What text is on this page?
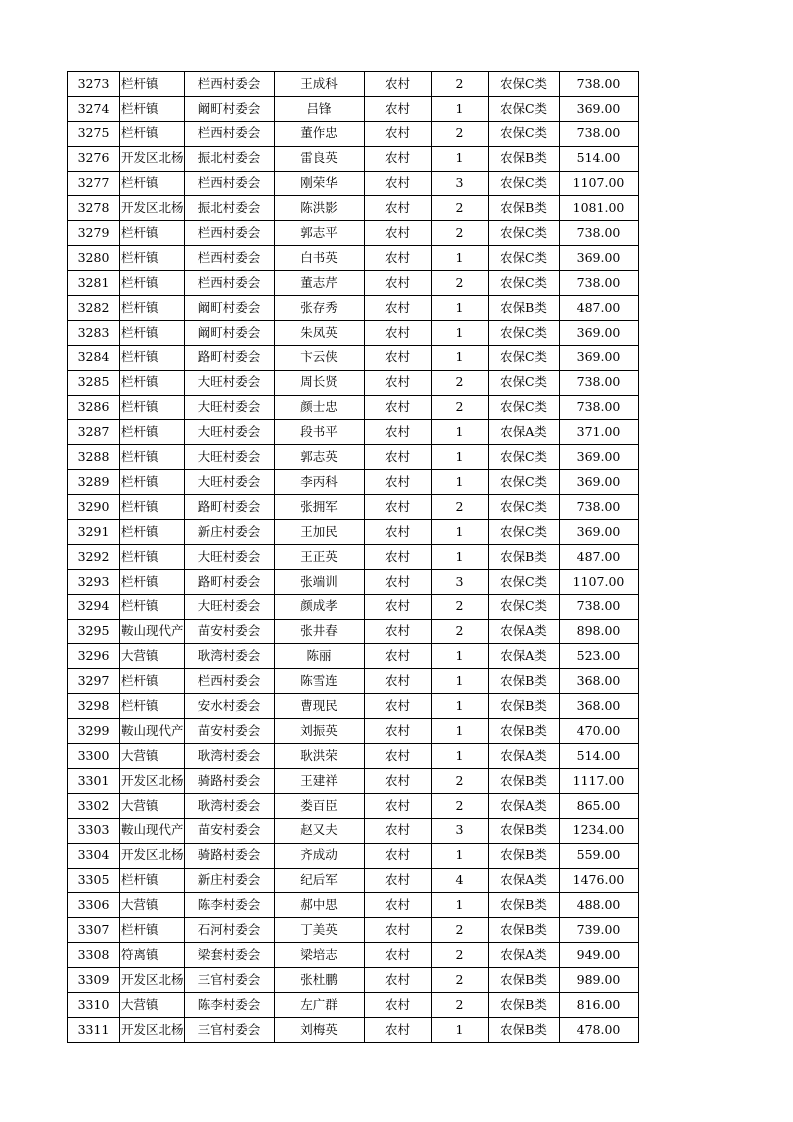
3273	栏杆镇	栏西村委会	王成科	农村	2	农保C类	738.00
3274	栏杆镇	阚町村委会	吕锋	农村	1	农保C类	369.00
3275	栏杆镇	栏西村委会	董作忠	农村	2	农保C类	738.00
3276	开发区北杨	振北村委会	雷良英	农村	1	农保B类	514.00
3277	栏杆镇	栏西村委会	刚荣华	农村	3	农保C类	1107.00
3278	开发区北杨	振北村委会	陈洪影	农村	2	农保B类	1081.00
3279	栏杆镇	栏西村委会	郭志平	农村	2	农保C类	738.00
3280	栏杆镇	栏西村委会	白书英	农村	1	农保C类	369.00
3281	栏杆镇	栏西村委会	董志芹	农村	2	农保C类	738.00
3282	栏杆镇	阚町村委会	张存秀	农村	1	农保B类	487.00
3283	栏杆镇	阚町村委会	朱凤英	农村	1	农保C类	369.00
3284	栏杆镇	路町村委会	卞云侠	农村	1	农保C类	369.00
3285	栏杆镇	大旺村委会	周长贤	农村	2	农保C类	738.00
3286	栏杆镇	大旺村委会	颜士忠	农村	2	农保C类	738.00
3287	栏杆镇	大旺村委会	段书平	农村	1	农保A类	371.00
3288	栏杆镇	大旺村委会	郭志英	农村	1	农保C类	369.00
3289	栏杆镇	大旺村委会	李丙科	农村	1	农保C类	369.00
3290	栏杆镇	路町村委会	张拥军	农村	2	农保C类	738.00
3291	栏杆镇	新庄村委会	王加民	农村	1	农保C类	369.00
3292	栏杆镇	大旺村委会	王正英	农村	1	农保B类	487.00
3293	栏杆镇	路町村委会	张端训	农村	3	农保C类	1107.00
3294	栏杆镇	大旺村委会	颜成孝	农村	2	农保C类	738.00
3295	鞍山现代产	苗安村委会	张井春	农村	2	农保A类	898.00
3296	大营镇	耿湾村委会	陈丽	农村	1	农保A类	523.00
3297	栏杆镇	栏西村委会	陈雪连	农村	1	农保B类	368.00
3298	栏杆镇	安水村委会	曹现民	农村	1	农保B类	368.00
3299	鞍山现代产	苗安村委会	刘振英	农村	1	农保B类	470.00
3300	大营镇	耿湾村委会	耿洪荣	农村	1	农保A类	514.00
3301	开发区北杨	骑路村委会	王建祥	农村	2	农保B类	1117.00
3302	大营镇	耿湾村委会	娄百臣	农村	2	农保A类	865.00
3303	鞍山现代产	苗安村委会	赵又夫	农村	3	农保B类	1234.00
3304	开发区北杨	骑路村委会	齐成动	农村	1	农保B类	559.00
3305	栏杆镇	新庄村委会	纪后军	农村	4	农保A类	1476.00
3306	大营镇	陈李村委会	郝中思	农村	1	农保B类	488.00
3307	栏杆镇	石河村委会	丁美英	农村	2	农保B类	739.00
3308	符离镇	梁套村委会	梁培志	农村	2	农保A类	949.00
3309	开发区北杨	三官村委会	张杜鹏	农村	2	农保B类	989.00
3310	大营镇	陈李村委会	左广群	农村	2	农保B类	816.00
3311	开发区北杨	三官村委会	刘梅英	农村	1	农保B类	478.00
